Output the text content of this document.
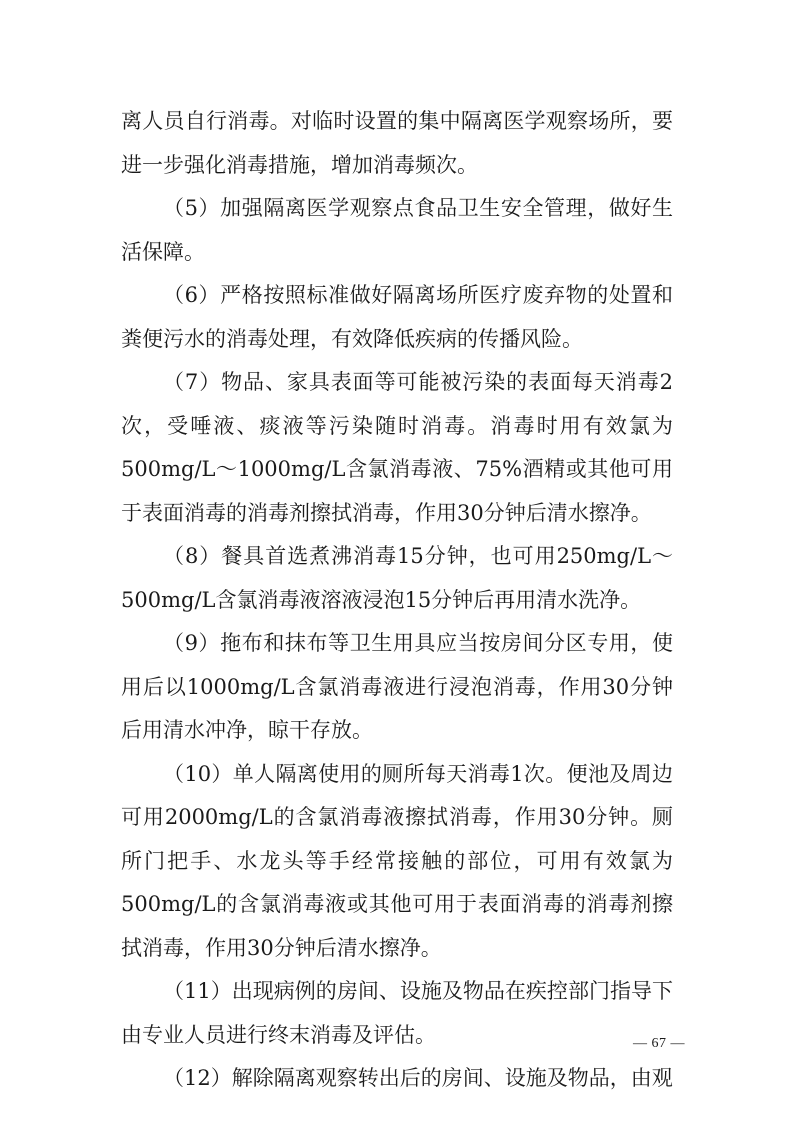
离人员自行消毒。对临时设置的集中隔离医学观察场所，要进一步强化消毒措施，增加消毒频次。

（5）加强隔离医学观察点食品卫生安全管理，做好生活保障。

（6）严格按照标准做好隔离场所医疗废弃物的处置和粪便污水的消毒处理，有效降低疾病的传播风险。

（7）物品、家具表面等可能被污染的表面每天消毒2次，受唾液、痰液等污染随时消毒。消毒时用有效氯为500mg/L～1000mg/L含氯消毒液、75%酒精或其他可用于表面消毒的消毒剂擦拭消毒，作用30分钟后清水擦净。

（8）餐具首选煮沸消毒15分钟，也可用250mg/L～500mg/L含氯消毒液溶液浸泡15分钟后再用清水洗净。

（9）拖布和抹布等卫生用具应当按房间分区专用，使用后以1000mg/L含氯消毒液进行浸泡消毒，作用30分钟后用清水冲净，晾干存放。

（10）单人隔离使用的厕所每天消毒1次。便池及周边可用2000mg/L的含氯消毒液擦拭消毒，作用30分钟。厕所门把手、水龙头等手经常接触的部位，可用有效氯为500mg/L的含氯消毒液或其他可用于表面消毒的消毒剂擦拭消毒，作用30分钟后清水擦净。

（11）出现病例的房间、设施及物品在疾控部门指导下由专业人员进行终末消毒及评估。

（12）解除隔离观察转出后的房间、设施及物品，由观

— 67 —
